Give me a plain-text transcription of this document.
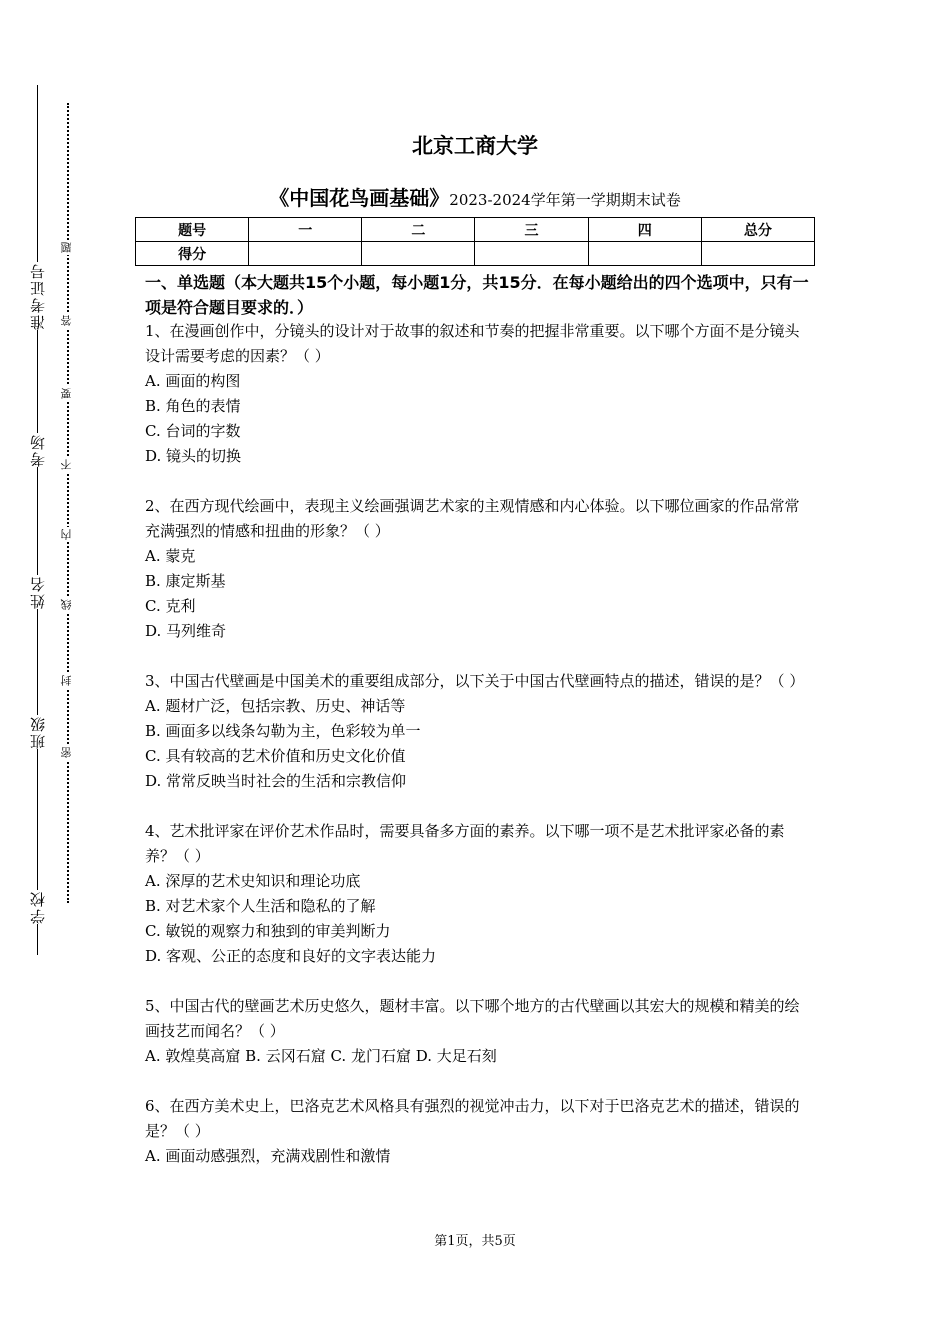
学校
班级
姓名
考场
准考证号
密
封
线
内
不
要
答
题
北京工商大学
《中国花鸟画基础》2023-2024学年第一学期期末试卷
题号	一	二	三	四	总分
得分					
一、单选题（本大题共15个小题，每小题1分，共15分．在每小题给出的四个选项中，只有一项是符合题目要求的．）

1、在漫画创作中，分镜头的设计对于故事的叙述和节奏的把握非常重要。以下哪个方面不是分镜头设计需要考虑的因素？（ ）

A. 画面的构图

B. 角色的表情

C. 台词的字数

D. 镜头的切换

2、在西方现代绘画中，表现主义绘画强调艺术家的主观情感和内心体验。以下哪位画家的作品常常充满强烈的情感和扭曲的形象？（ ）

A. 蒙克

B. 康定斯基

C. 克利

D. 马列维奇

3、中国古代壁画是中国美术的重要组成部分，以下关于中国古代壁画特点的描述，错误的是？（ ）

A. 题材广泛，包括宗教、历史、神话等

B. 画面多以线条勾勒为主，色彩较为单一

C. 具有较高的艺术价值和历史文化价值

D. 常常反映当时社会的生活和宗教信仰

4、艺术批评家在评价艺术作品时，需要具备多方面的素养。以下哪一项不是艺术批评家必备的素养？（ ）

A. 深厚的艺术史知识和理论功底

B. 对艺术家个人生活和隐私的了解

C. 敏锐的观察力和独到的审美判断力

D. 客观、公正的态度和良好的文字表达能力

5、中国古代的壁画艺术历史悠久，题材丰富。以下哪个地方的古代壁画以其宏大的规模和精美的绘画技艺而闻名？（ ）

A. 敦煌莫高窟 B. 云冈石窟 C. 龙门石窟 D. 大足石刻

6、在西方美术史上，巴洛克艺术风格具有强烈的视觉冲击力，以下对于巴洛克艺术的描述，错误的是？（ ）

A. 画面动感强烈，充满戏剧性和激情

第1页，共5页
